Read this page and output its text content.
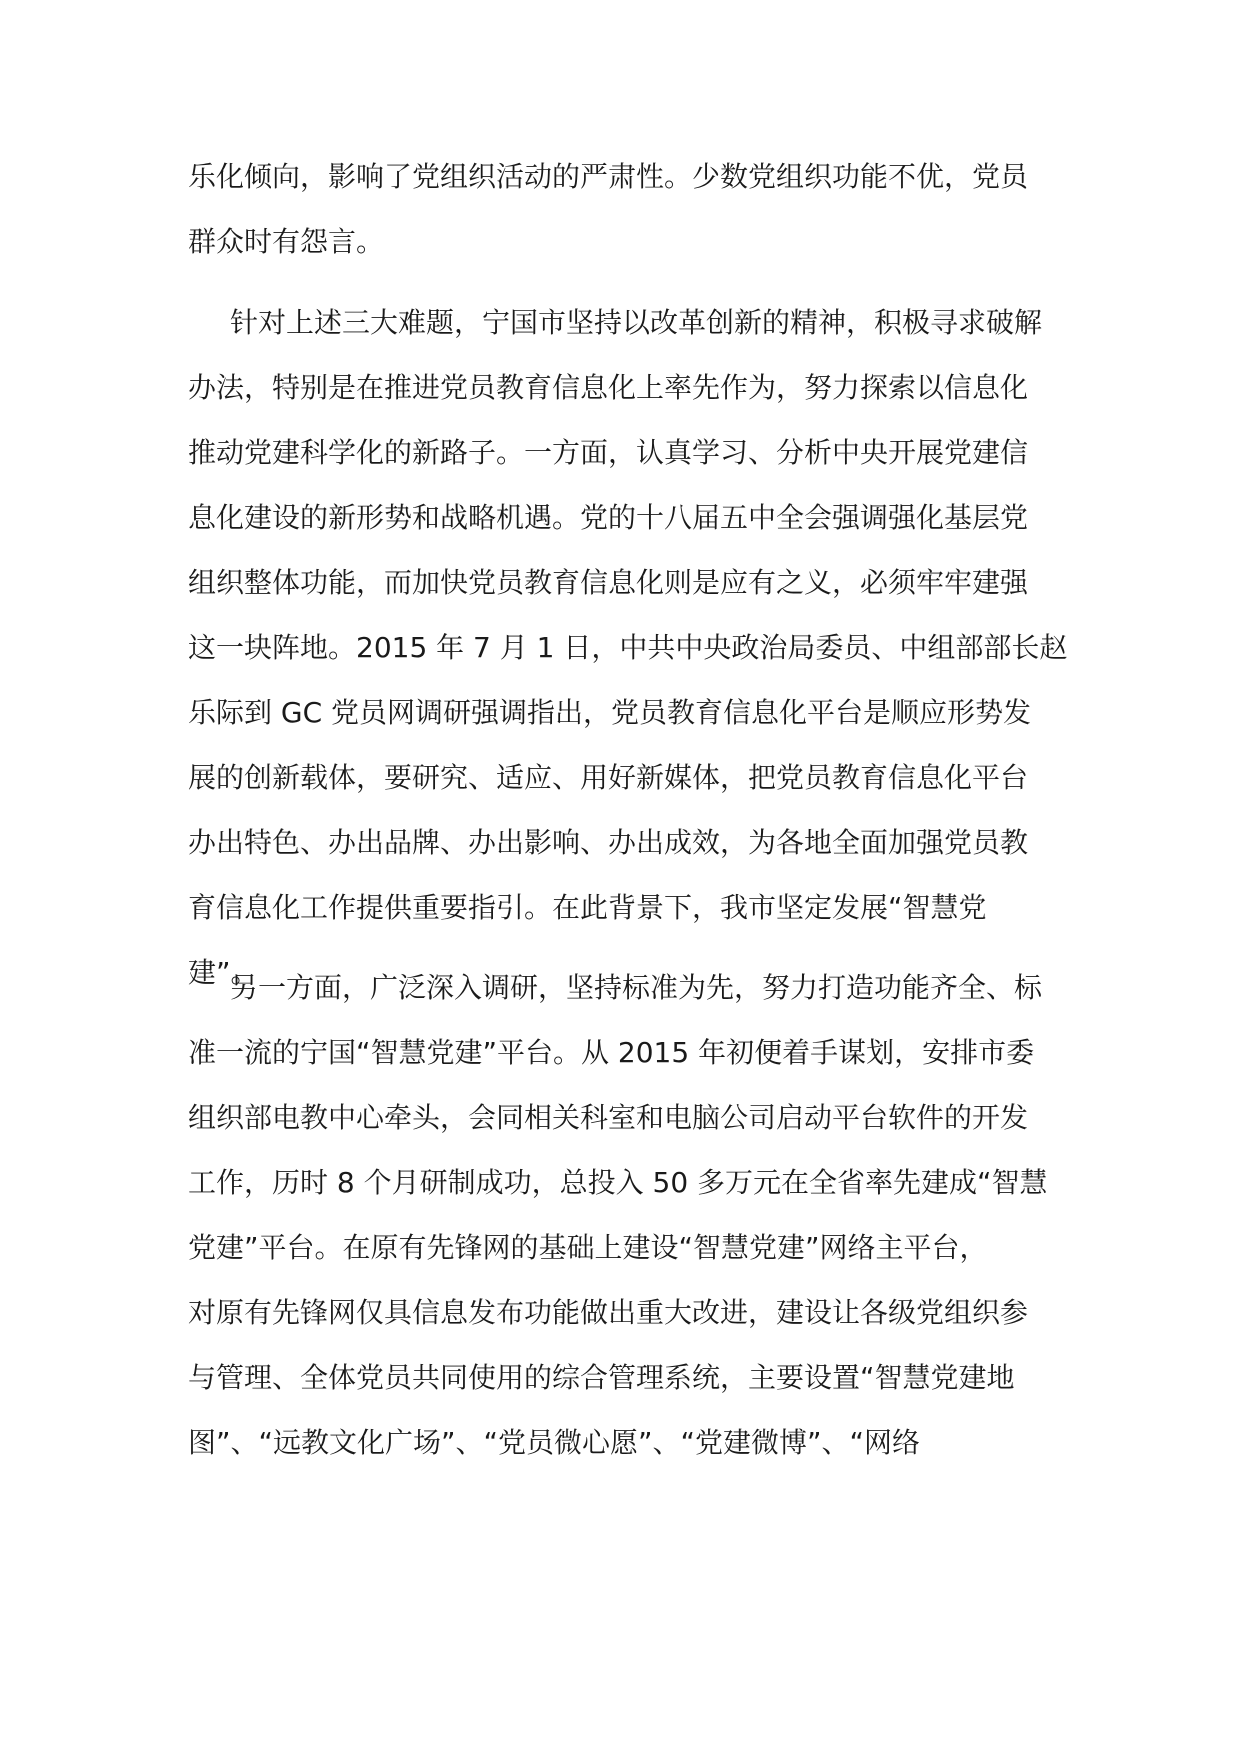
乐化倾向，影响了党组织活动的严肃性。少数党组织功能不优，党员
群众时有怨言。
针对上述三大难题，宁国市坚持以改革创新的精神，积极寻求破解
办法，特别是在推进党员教育信息化上率先作为，努力探索以信息化
推动党建科学化的新路子。一方面，认真学习、分析中央开展党建信
息化建设的新形势和战略机遇。党的十八届五中全会强调强化基层党
组织整体功能，而加快党员教育信息化则是应有之义，必须牢牢建强
这一块阵地。2015 年 7 月 1 日，中共中央政治局委员、中组部部长赵
乐际到 GC 党员网调研强调指出，党员教育信息化平台是顺应形势发
展的创新载体，要研究、适应、用好新媒体，把党员教育信息化平台
办出特色、办出品牌、办出影响、办出成效，为各地全面加强党员教
育信息化工作提供重要指引。在此背景下，我市坚定发展“智慧党
建”。
另一方面，广泛深入调研，坚持标准为先，努力打造功能齐全、标
准一流的宁国“智慧党建”平台。从 2015 年初便着手谋划，安排市委
组织部电教中心牵头，会同相关科室和电脑公司启动平台软件的开发
工作，历时 8 个月研制成功，总投入 50 多万元在全省率先建成“智慧
党建”平台。在原有先锋网的基础上建设“智慧党建”网络主平台，
对原有先锋网仅具信息发布功能做出重大改进，建设让各级党组织参
与管理、全体党员共同使用的综合管理系统，主要设置“智慧党建地
图”、“远教文化广场”、“党员微心愿”、“党建微博”、“网络
